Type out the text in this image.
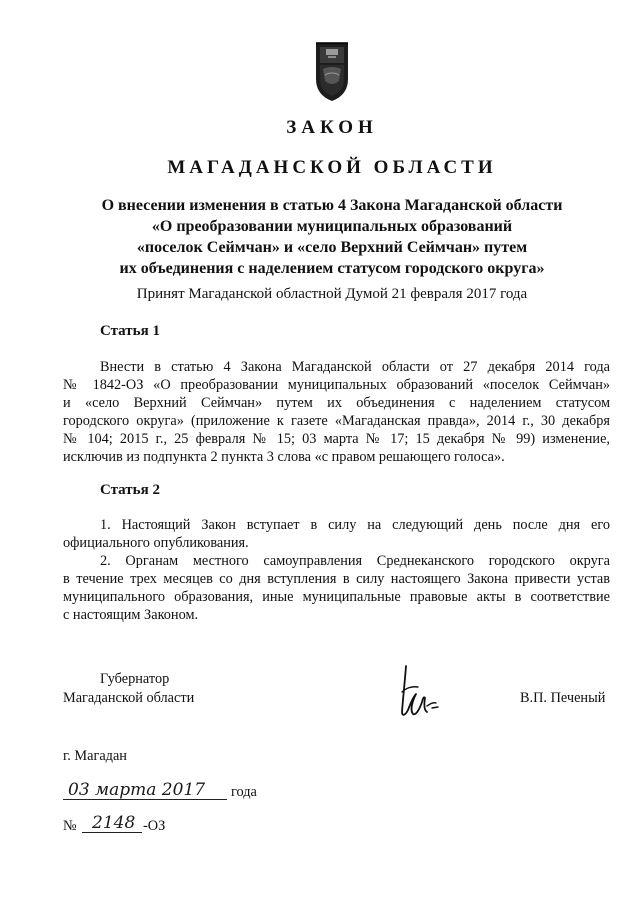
ЗАКОН
МАГАДАНСКОЙ ОБЛАСТИ
О внесении изменения в статью 4 Закона Магаданской области
«О преобразовании муниципальных образований
«поселок Сеймчан» и «село Верхний Сеймчан» путем
их объединения с наделением статусом городского округа»
Принят Магаданской областной Думой 21 февраля 2017 года
Статья 1
Внести в статью 4 Закона Магаданской области от 27 декабря 2014 года
№ 1842-ОЗ «О преобразовании муниципальных образований «поселок Сеймчан»
и «село Верхний Сеймчан» путем их объединения с наделением статусом
городского округа» (приложение к газете «Магаданская правда», 2014 г., 30 декабря
№ 104; 2015 г., 25 февраля № 15; 03 марта № 17; 15 декабря № 99) изменение,
исключив из подпункта 2 пункта 3 слова «с правом решающего голоса».
Статья 2
1. Настоящий Закон вступает в силу на следующий день после дня его
официального опубликования.
2. Органам местного самоуправления Среднеканского городского округа
в течение трех месяцев со дня вступления в силу настоящего Закона привести устав
муниципального образования, иные муниципальные правовые акты в соответствие
с настоящим Законом.
Губернатор
Магаданской области	В.П. Печеный
г. Магадан
03 марта 2017 года
№ 2148 -ОЗ
